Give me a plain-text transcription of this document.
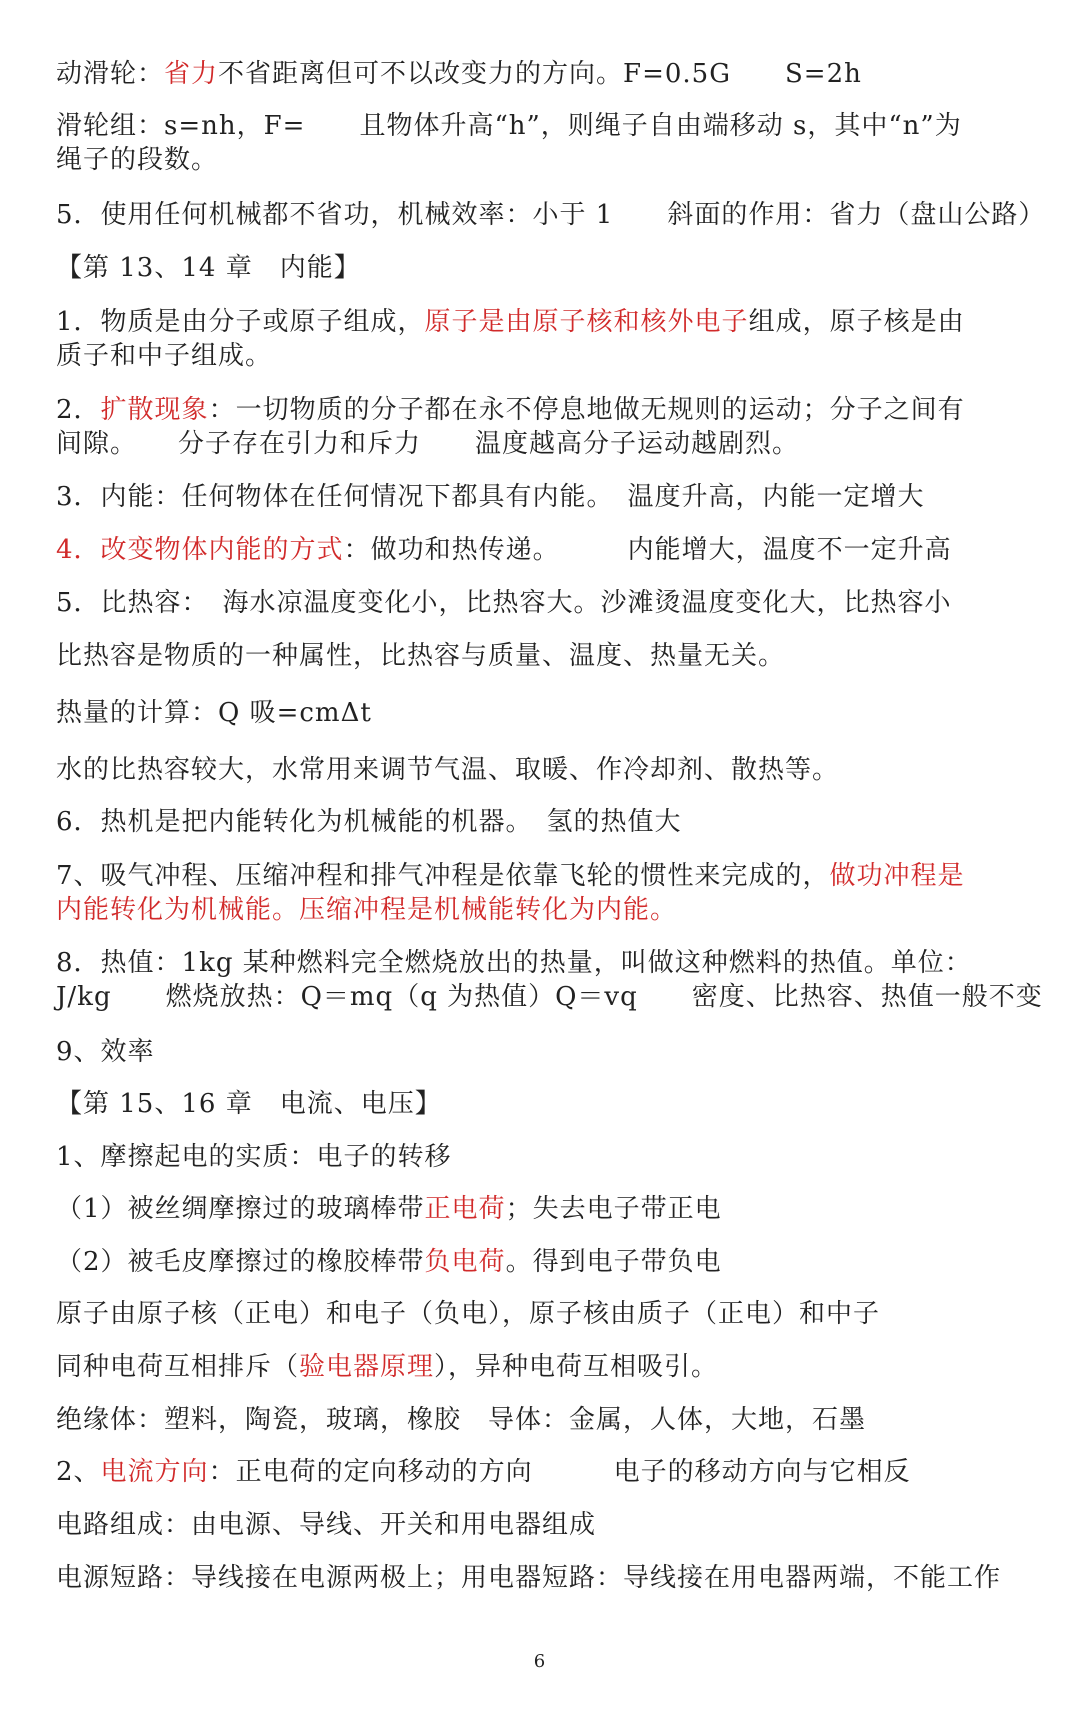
动滑轮：省力不省距离但可不以改变力的方向。F=0.5G　　S=2h
滑轮组：s=nh，F=　　且物体升高“h”，则绳子自由端移动 s，其中“n”为
绳子的段数。
5．使用任何机械都不省功，机械效率：小于 1　　斜面的作用：省力（盘山公路）
【第 13、14 章　内能】
1．物质是由分子或原子组成，原子是由原子核和核外电子组成，原子核是由
质子和中子组成。
2．扩散现象：一切物质的分子都在永不停息地做无规则的运动；分子之间有
间隙。　　分子存在引力和斥力　　温度越高分子运动越剧烈。
3．内能：任何物体在任何情况下都具有内能。　温度升高，内能一定增大
4．改变物体内能的方式：做功和热传递。　　　内能增大，温度不一定升高
5．比热容：　海水凉温度变化小，比热容大。沙滩烫温度变化大，比热容小
比热容是物质的一种属性，比热容与质量、温度、热量无关。
热量的计算：Q 吸=cmΔt
水的比热容较大，水常用来调节气温、取暖、作冷却剂、散热等。
6．热机是把内能转化为机械能的机器。　氢的热值大
7、吸气冲程、压缩冲程和排气冲程是依靠飞轮的惯性来完成的，做功冲程是
内能转化为机械能。压缩冲程是机械能转化为内能。
8．热值：1kg 某种燃料完全燃烧放出的热量，叫做这种燃料的热值。单位：
J/kg　　燃烧放热：Q＝mq（q 为热值）Q＝vq　　密度、比热容、热值一般不变
9、效率
【第 15、16 章　电流、电压】
1、摩擦起电的实质：电子的转移
（1）被丝绸摩擦过的玻璃棒带正电荷；失去电子带正电
（2）被毛皮摩擦过的橡胶棒带负电荷。得到电子带负电
原子由原子核（正电）和电子（负电），原子核由质子（正电）和中子
同种电荷互相排斥（验电器原理），异种电荷互相吸引。
绝缘体：塑料，陶瓷，玻璃，橡胶　导体：金属，人体，大地，石墨
2、电流方向：正电荷的定向移动的方向　　　电子的移动方向与它相反
电路组成：由电源、导线、开关和用电器组成
电源短路：导线接在电源两极上；用电器短路：导线接在用电器两端，不能工作
6
